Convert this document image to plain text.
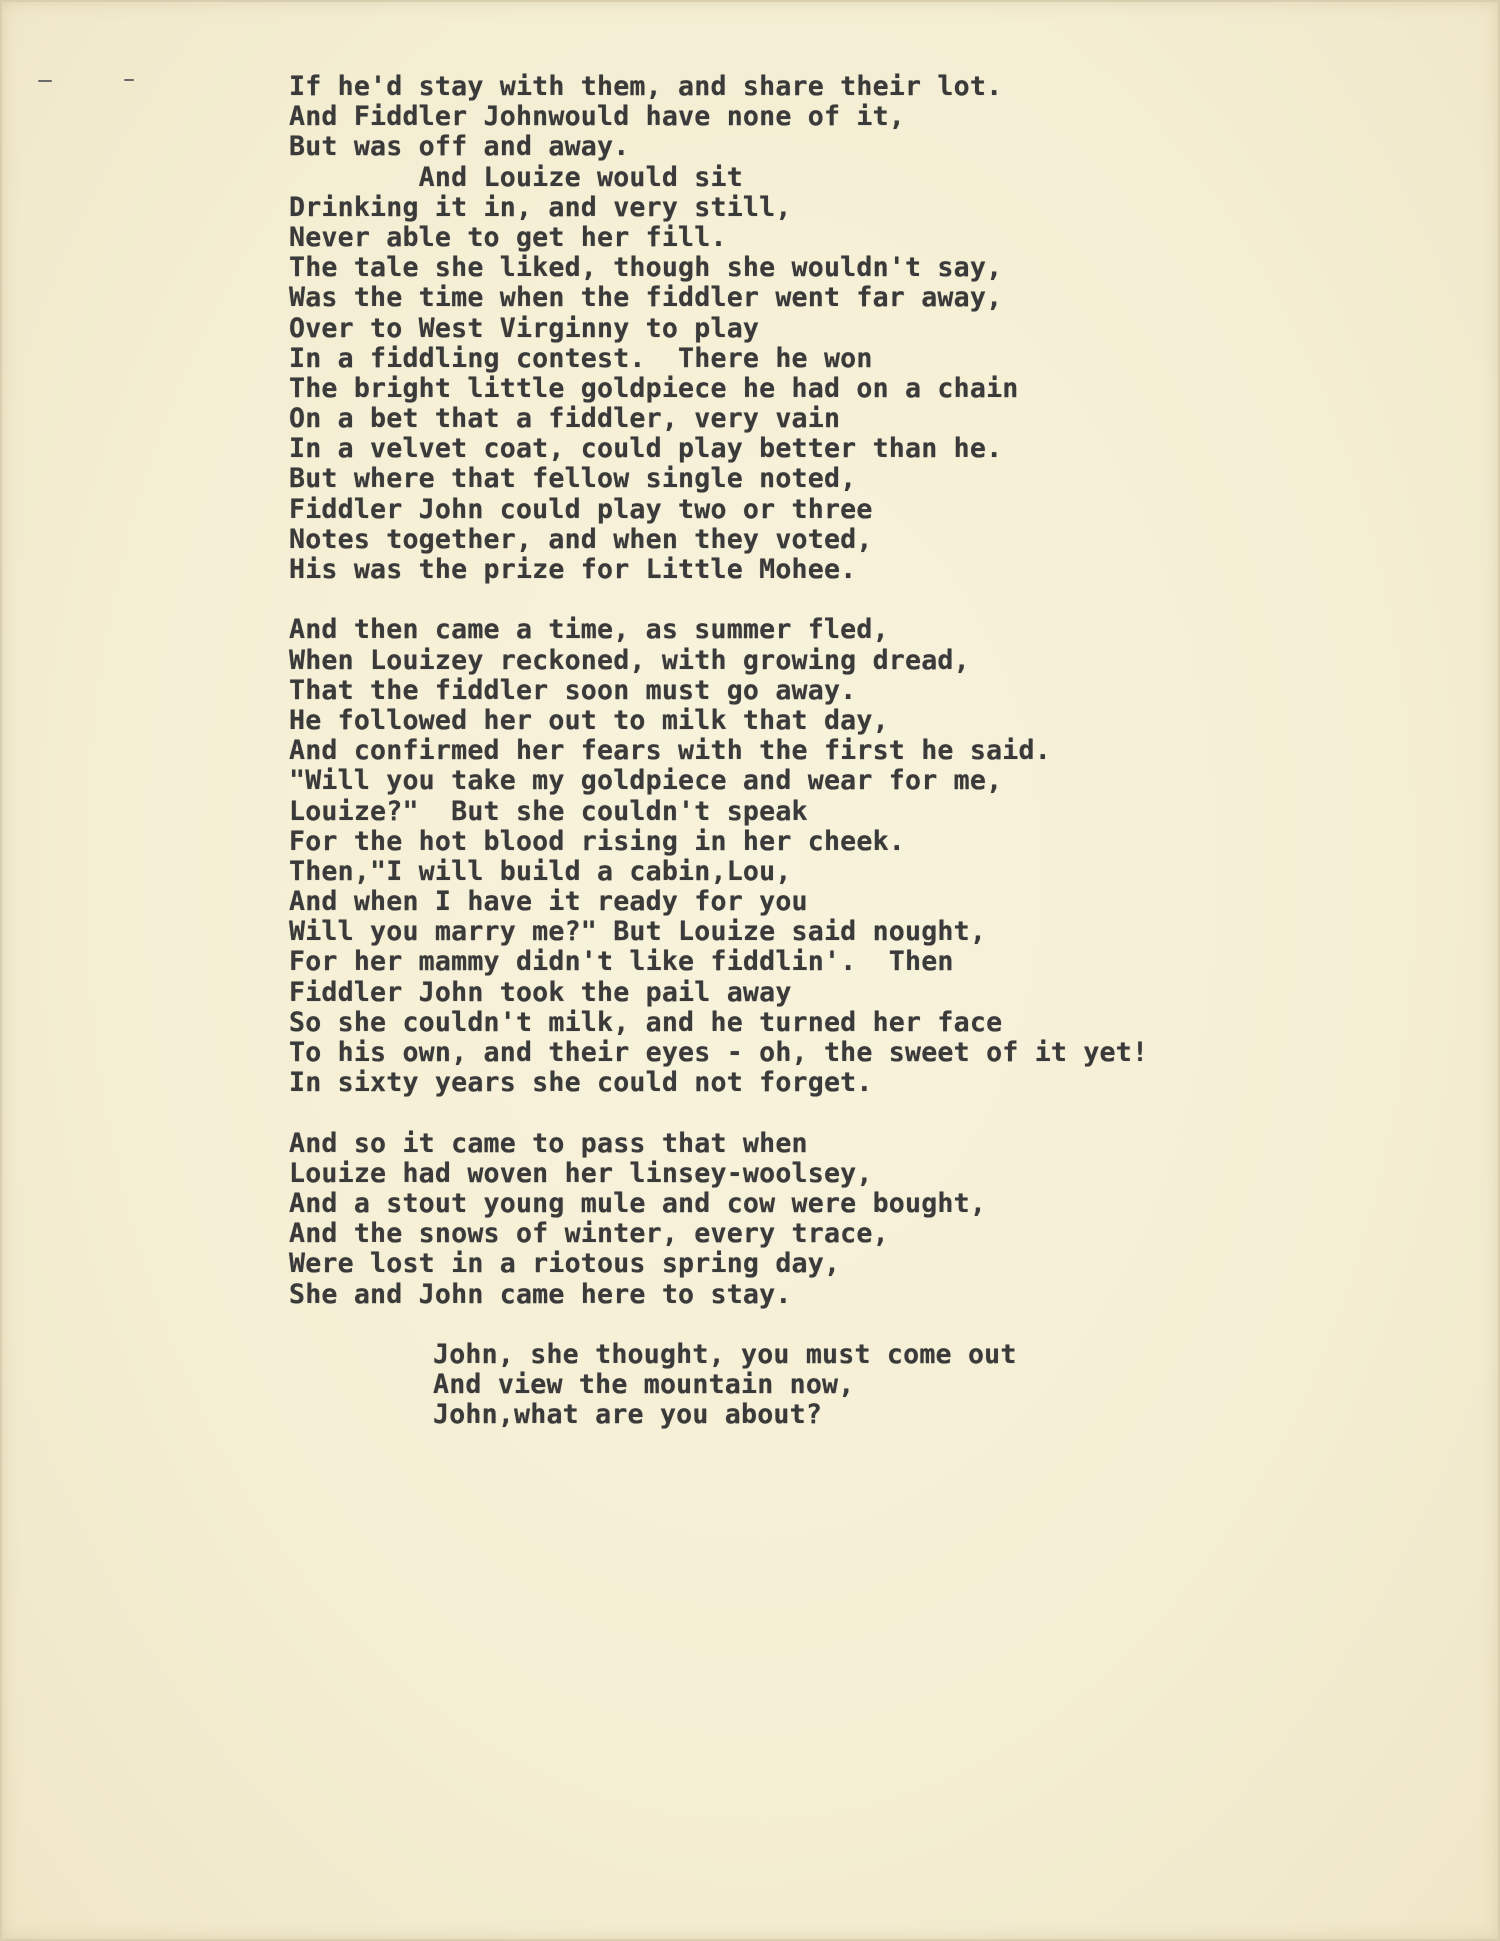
If he'd stay with them, and share their lot.
And Fiddler Johnwould have none of it,
But was off and away.
And Louize would sit
Drinking it in, and very still,
Never able to get her fill.
The tale she liked, though she wouldn't say,
Was the time when the fiddler went far away,
Over to West Virginny to play
In a fiddling contest.  There he won
The bright little goldpiece he had on a chain
On a bet that a fiddler, very vain
In a velvet coat, could play better than he.
But where that fellow single noted,
Fiddler John could play two or three
Notes together, and when they voted,
His was the prize for Little Mohee.
And then came a time, as summer fled,
When Louizey reckoned, with growing dread,
That the fiddler soon must go away.
He followed her out to milk that day,
And confirmed her fears with the first he said.
"Will you take my goldpiece and wear for me,
Louize?"  But she couldn't speak
For the hot blood rising in her cheek.
Then,"I will build a cabin,Lou,
And when I have it ready for you
Will you marry me?" But Louize said nought,
For her mammy didn't like fiddlin'.  Then
Fiddler John took the pail away
So she couldn't milk, and he turned her face
To his own, and their eyes - oh, the sweet of it yet!
In sixty years she could not forget.
And so it came to pass that when
Louize had woven her linsey-woolsey,
And a stout young mule and cow were bought,
And the snows of winter, every trace,
Were lost in a riotous spring day,
She and John came here to stay.
John, she thought, you must come out
And view the mountain now,
John,what are you about?
